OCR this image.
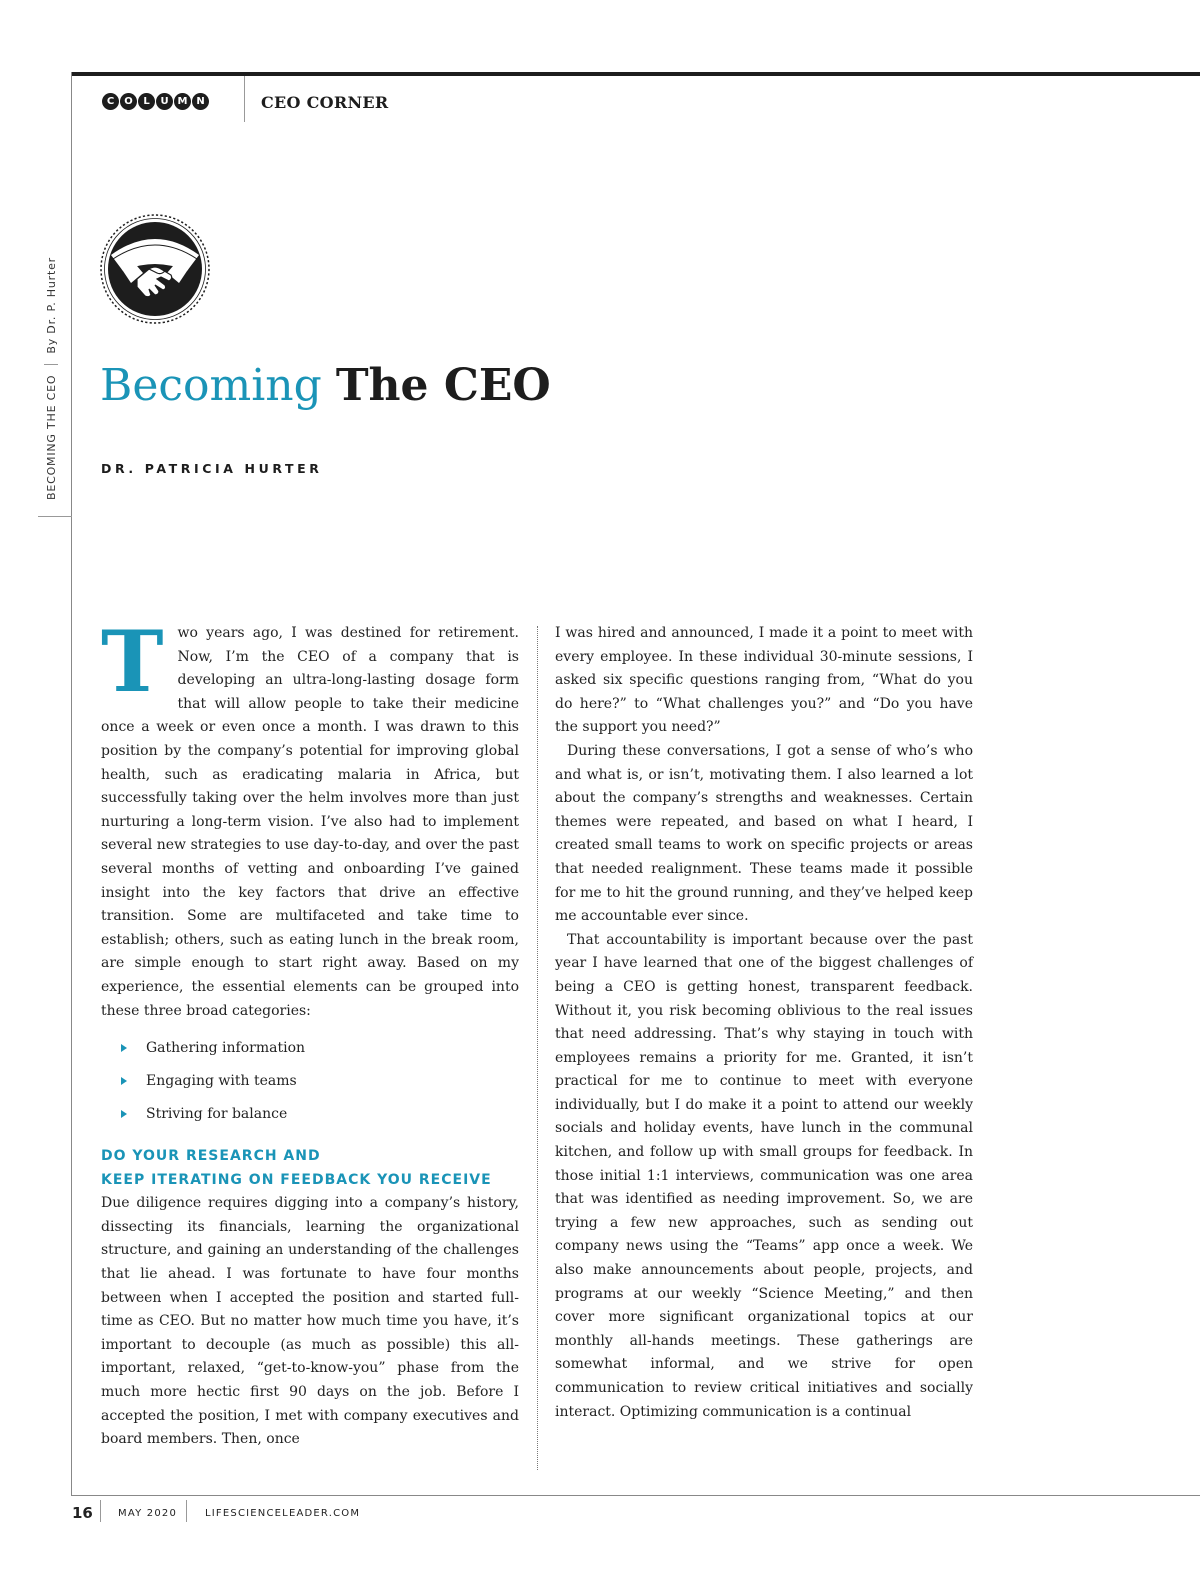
C	O	L	U M N	CEO CORNER
BECOMING THE CEO
By Dr. P. Hurter
Becoming The CEO
DR. PATRICIA HURTER

T wo years ago, I was destined for retirement. Now, I’m the CEO of a company that is developing an ultra-long-lasting dosage form that will allow people to take their medicine once a week or even once a month. I was drawn to this position by the company’s potential for improving global health, such as eradicating malaria in Africa, but successfully taking over the helm involves more than just nurturing a long-term vision. I’ve also had to implement several new strategies to use day-to-day, and over the past several months of vetting and onboarding I’ve gained insight into the key factors that drive an effective transition. Some are multifaceted and take time to establish; others, such as eating lunch in the break room, are simple enough to start right away. Based on my experience, the essential elements can be grouped into these three broad categories:

Gathering information
Engaging with teams
Striving for balance
DO YOUR RESEARCH AND
KEEP ITERATING ON FEEDBACK YOU RECEIVE

Due diligence requires digging into a company’s history, dissecting its financials, learning the organizational structure, and gaining an understanding of the challenges that lie ahead. I was fortunate to have four months between when I accepted the position and started full-time as CEO. But no matter how much time you have, it’s important to decouple (as much as possible) this all-important, relaxed, “get-to-know-you” phase from the much more hectic first 90 days on the job. Before I accepted the position, I met with company executives and board members. Then, once

I was hired and announced, I made it a point to meet with every employee. In these individual 30-minute sessions, I asked six specific questions ranging from, “What do you do here?” to “What challenges you?” and “Do you have the support you need?”

During these conversations, I got a sense of who’s who and what is, or isn’t, motivating them. I also learned a lot about the company’s strengths and weaknesses. Certain themes were repeated, and based on what I heard, I created small teams to work on specific projects or areas that needed realignment. These teams made it possible for me to hit the ground running, and they’ve helped keep me accountable ever since.

That accountability is important because over the past year I have learned that one of the biggest challenges of being a CEO is getting honest, transparent feedback. Without it, you risk becoming oblivious to the real issues that need addressing. That’s why staying in touch with employees remains a priority for me. Granted, it isn’t practical for me to continue to meet with everyone individually, but I do make it a point to attend our weekly socials and holiday events, have lunch in the communal kitchen, and follow up with small groups for feedback. In those initial 1:1 interviews, communication was one area that was identified as needing improvement. So, we are trying a few new approaches, such as sending out company news using the “Teams” app once a week. We also make announcements about people, projects, and programs at our weekly “Science Meeting,” and then cover more significant organizational topics at our monthly all-hands meetings. These gatherings are somewhat informal, and we strive for open communication to review critical initiatives and socially interact. Optimizing communication is a continual

16	MAY 2020	LIFESCIENCELEADER.COM
